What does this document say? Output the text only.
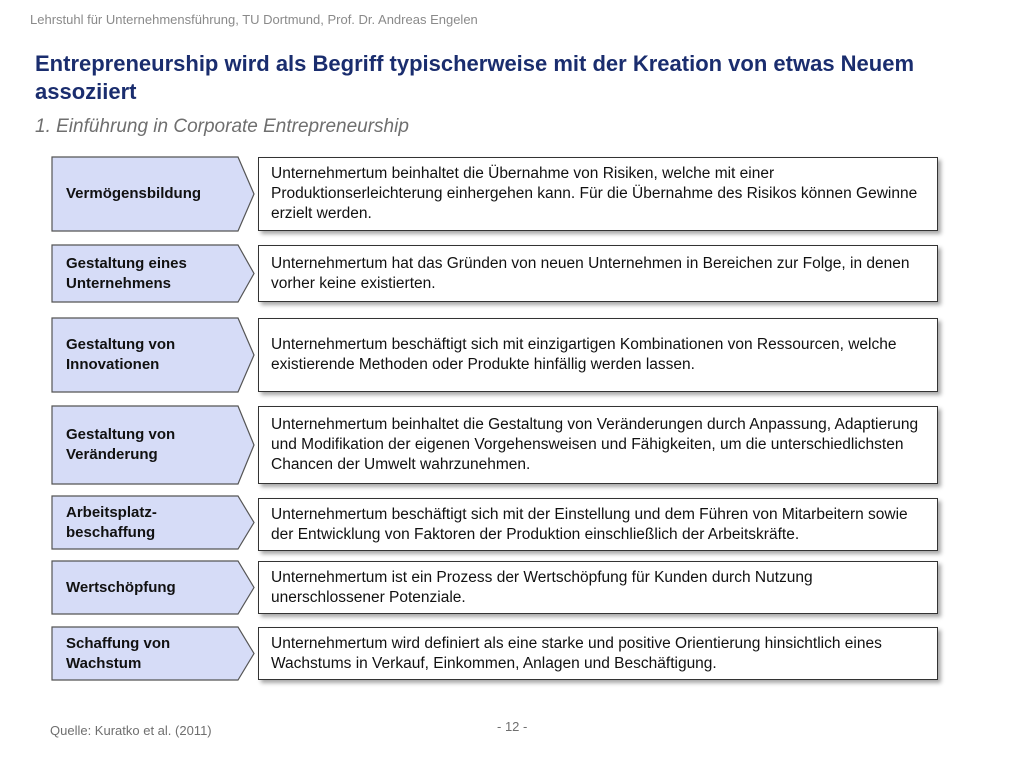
Lehrstuhl für Unternehmensführung, TU Dortmund, Prof. Dr. Andreas Engelen
Entrepreneurship wird als Begriff typischerweise mit der Kreation von etwas Neuem assoziiert
1. Einführung in Corporate Entrepreneurship
Vermögensbildung
Unternehmertum beinhaltet die Übernahme von Risiken, welche mit einer Produktionserleichterung einhergehen kann. Für die Übernahme des Risikos können Gewinne erzielt werden.
Gestaltung eines Unternehmens
Unternehmertum hat das Gründen von neuen Unternehmen in Bereichen zur Folge, in denen vorher keine existierten.
Gestaltung von Innovationen
Unternehmertum beschäftigt sich mit einzigartigen Kombinationen von Ressourcen, welche existierende Methoden oder Produkte hinfällig werden lassen.
Gestaltung von Veränderung
Unternehmertum beinhaltet die Gestaltung von Veränderungen durch Anpassung, Adaptierung und Modifikation der eigenen Vorgehensweisen und Fähigkeiten, um die unterschiedlichsten Chancen der Umwelt wahrzunehmen.
Arbeitsplatz-beschaffung
Unternehmertum beschäftigt sich mit der Einstellung und dem Führen von Mitarbeitern sowie der Entwicklung von Faktoren der Produktion einschließlich der Arbeitskräfte.
Wertschöpfung
Unternehmertum ist ein Prozess der Wertschöpfung für Kunden durch Nutzung unerschlossener Potenziale.
Schaffung von Wachstum
Unternehmertum wird definiert als eine starke und positive Orientierung hinsichtlich eines Wachstums in Verkauf, Einkommen, Anlagen und Beschäftigung.
Quelle: Kuratko et al. (2011)	- 12 -
